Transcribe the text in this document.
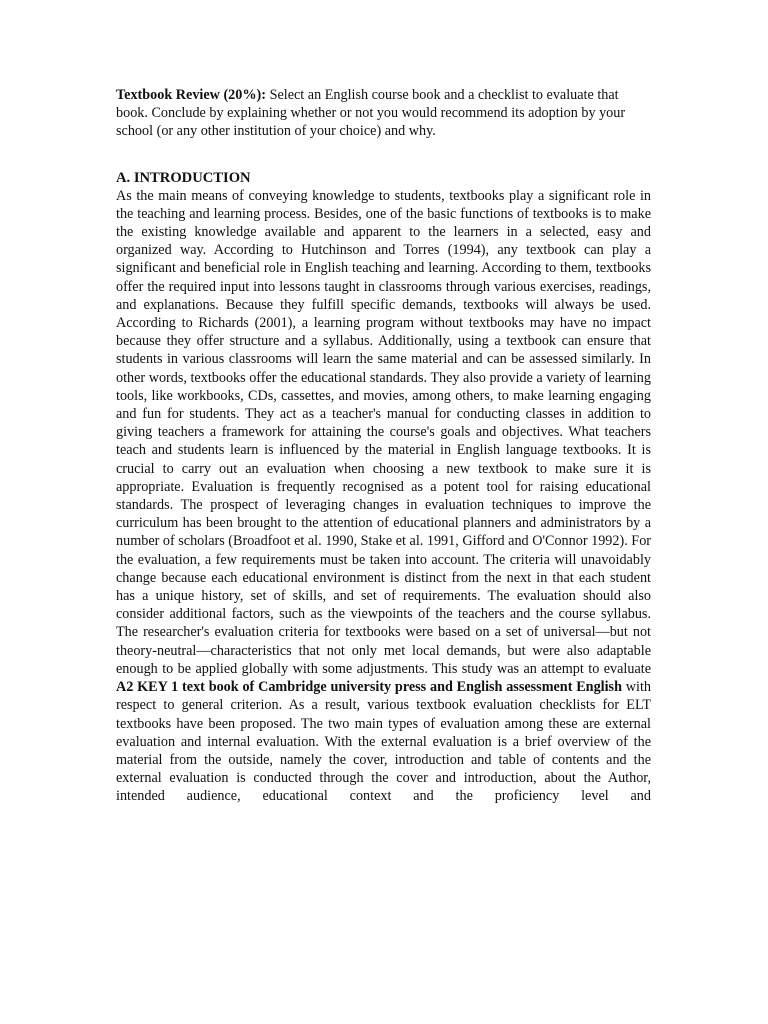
Textbook Review (20%): Select an English course book and a checklist to evaluate that book. Conclude by explaining whether or not you would recommend its adoption by your school (or any other institution of your choice) and why.

A. INTRODUCTION

As the main means of conveying knowledge to students, textbooks play a significant role in the teaching and learning process. Besides, one of the basic functions of textbooks is to make the existing knowledge available and apparent to the learners in a selected, easy and organized way. According to Hutchinson and Torres (1994), any textbook can play a significant and beneficial role in English teaching and learning. According to them, textbooks offer the required input into lessons taught in classrooms through various exercises, readings, and explanations. Because they fulfill specific demands, textbooks will always be used. According to Richards (2001), a learning program without textbooks may have no impact because they offer structure and a syllabus. Additionally, using a textbook can ensure that students in various classrooms will learn the same material and can be assessed similarly. In other words, textbooks offer the educational standards. They also provide a variety of learning tools, like workbooks, CDs, cassettes, and movies, among others, to make learning engaging and fun for students. They act as a teacher's manual for conducting classes in addition to giving teachers a framework for attaining the course's goals and objectives. What teachers teach and students learn is influenced by the material in English language textbooks. It is crucial to carry out an evaluation when choosing a new textbook to make sure it is appropriate. Evaluation is frequently recognised as a potent tool for raising educational standards. The prospect of leveraging changes in evaluation techniques to improve the curriculum has been brought to the attention of educational planners and administrators by a number of scholars (Broadfoot et al. 1990, Stake et al. 1991, Gifford and O'Connor 1992). For the evaluation, a few requirements must be taken into account. The criteria will unavoidably change because each educational environment is distinct from the next in that each student has a unique history, set of skills, and set of requirements. The evaluation should also consider additional factors, such as the viewpoints of the teachers and the course syllabus. The researcher's evaluation criteria for textbooks were based on a set of universal—but not theory-neutral—characteristics that not only met local demands, but were also adaptable enough to be applied globally with some adjustments. This study was an attempt to evaluate A2 KEY 1 text book of Cambridge university press and English assessment English with respect to general criterion. As a result, various textbook evaluation checklists for ELT textbooks have been proposed. The two main types of evaluation among these are external evaluation and internal evaluation. With the external evaluation is a brief overview of the material from the outside, namely the cover, introduction and table of contents and the external evaluation is conducted through the cover and introduction, about the Author, intended audience, educational context and the proficiency level and
